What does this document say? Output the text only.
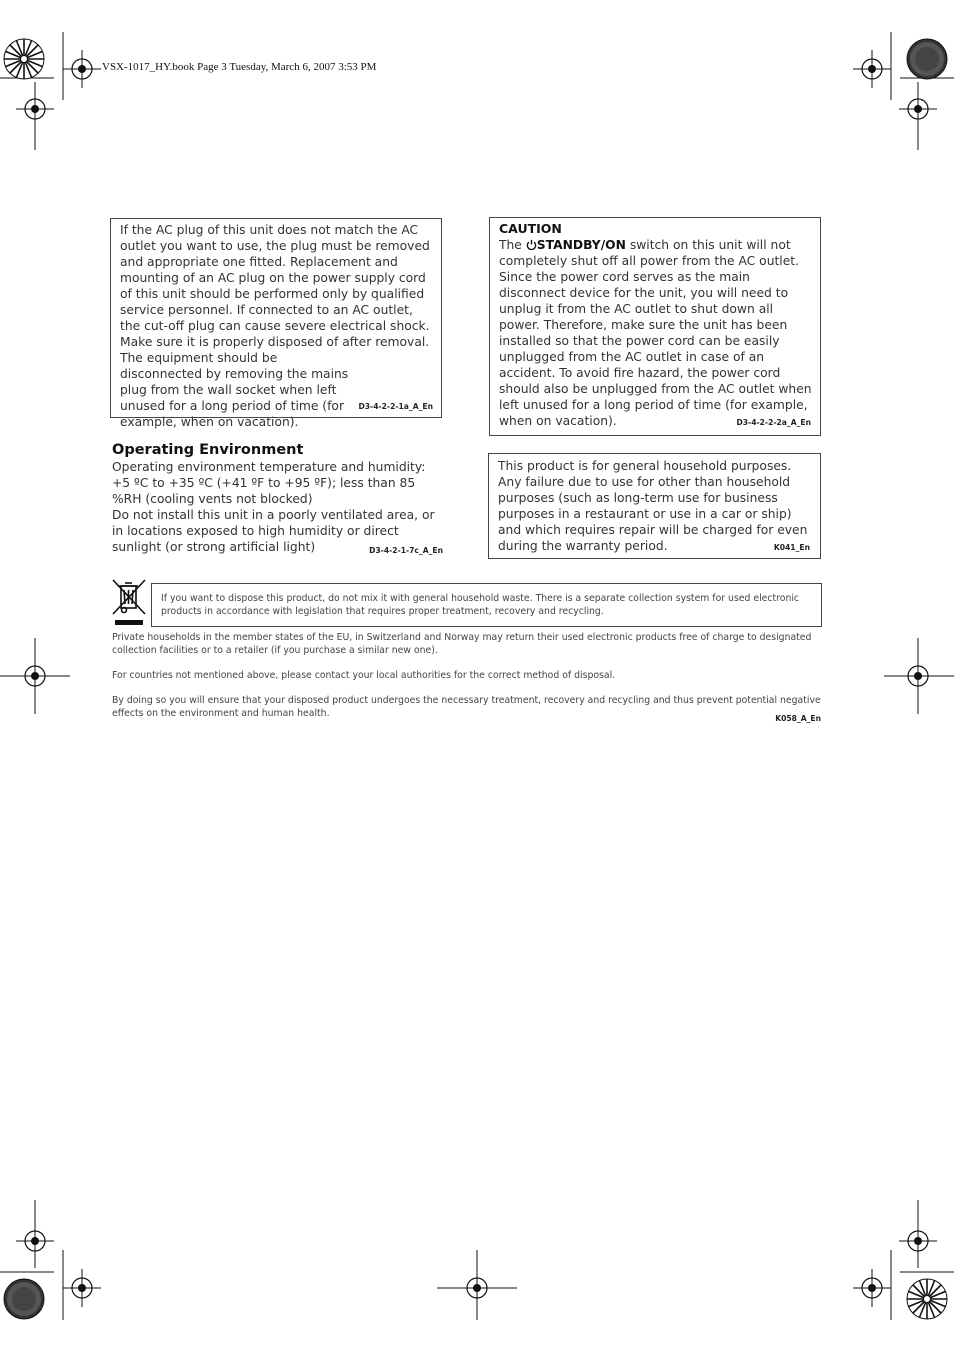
VSX-1017_HY.book Page 3 Tuesday, March 6, 2007 3:53 PM

If the AC plug of this unit does not match the AC outlet you want to use, the plug must be removed and appropriate one fitted. Replacement and mounting of an AC plug on the power supply cord of this unit should be performed only by qualified service personnel. If connected to an AC outlet, the cut-off plug can cause severe electrical shock. Make sure it is properly disposed of after removal.

The equipment should be disconnected by removing the mains plug from the wall socket when left unused for a long period of time (for example, when on vacation).

D3-4-2-2-1a_A_En

CAUTION

The STANDBY/ON switch on this unit will not completely shut off all power from the AC outlet. Since the power cord serves as the main disconnect device for the unit, you will need to unplug it from the AC outlet to shut down all power. Therefore, make sure the unit has been installed so that the power cord can be easily unplugged from the AC outlet in case of an accident. To avoid fire hazard, the power cord should also be unplugged from the AC outlet when left unused for a long period of time (for example, when on vacation).	D3-4-2-2-2a_A_En

Operating Environment

Operating environment temperature and humidity:

+5 ºC to +35 ºC (+41 ºF to +95 ºF); less than 85 %RH (cooling vents not blocked)

Do not install this unit in a poorly ventilated area, or in locations exposed to high humidity or direct sunlight (or strong artificial light)	D3-4-2-1-7c_A_En

This product is for general household purposes. Any failure due to use for other than household purposes (such as long-term use for business purposes in a restaurant or use in a car or ship) and which requires repair will be charged for even during the warranty period.	K041_En

If you want to dispose this product, do not mix it with general household waste. There is a separate collection system for used electronic products in accordance with legislation that requires proper treatment, recovery and recycling.

Private households in the member states of the EU, in Switzerland and Norway may return their used electronic products free of charge to designated collection facilities or to a retailer (if you purchase a similar new one).

For countries not mentioned above, please contact your local authorities for the correct method of disposal.

By doing so you will ensure that your disposed product undergoes the necessary treatment, recovery and recycling and thus prevent potential negative effects on the environment and human health.	K058_A_En
